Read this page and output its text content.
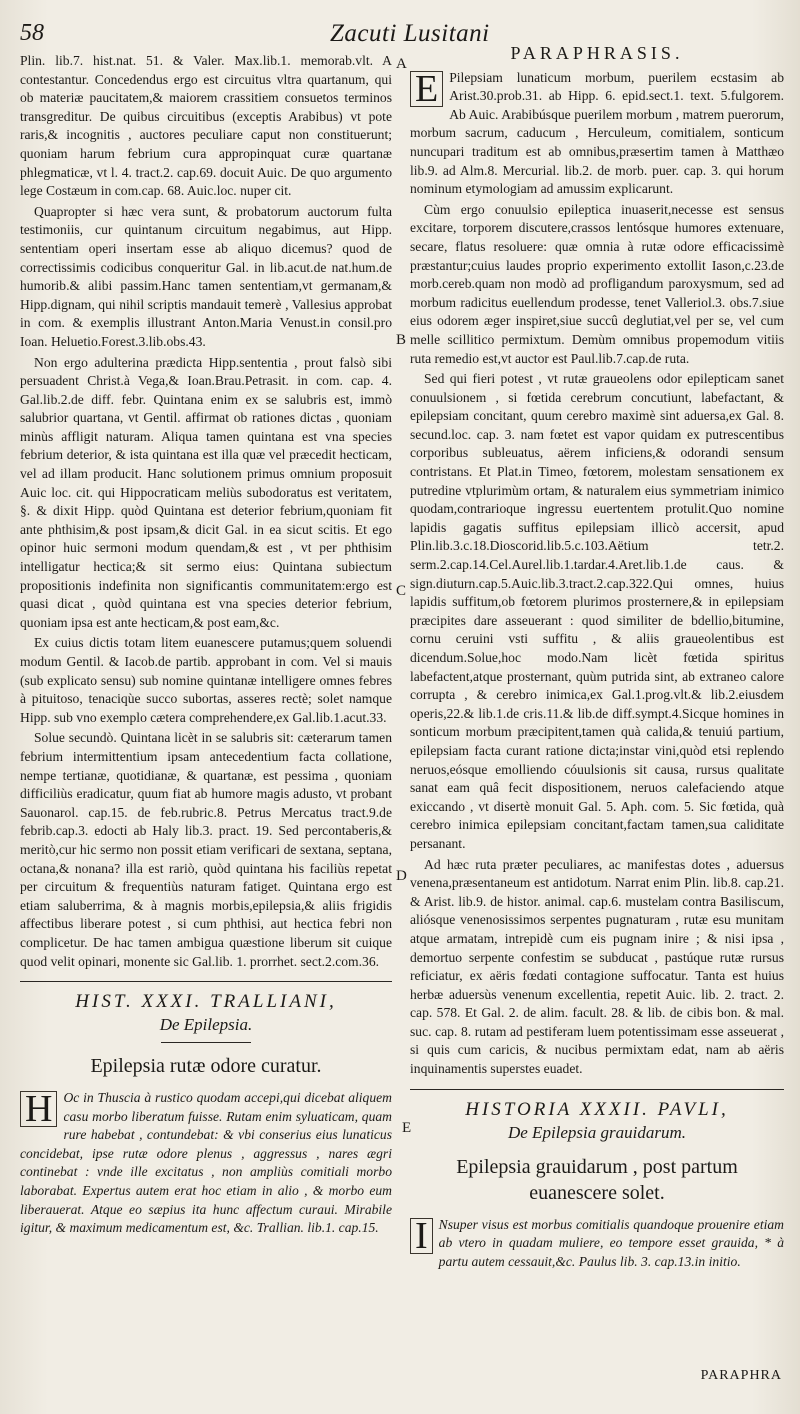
58	Zacuti Lusitani
A
B
C
D
E

Plin. lib.7. hist.nat. 51. & Valer. Max.lib.1. memorab.vlt. A contestantur. Concedendus ergo est circuitus vltra quartanum, qui ob materiæ paucitatem,& maiorem crassitiem consuetos terminos transgreditur. De quibus circuitibus (exceptis Arabibus) vt pote raris,& incognitis , auctores peculiare caput non constituerunt; quoniam harum febrium cura appropinquat curæ quartanæ phlegmaticæ, vt l. 4. tract.2. cap.69. docuit Auic. De quo argumento lege Costæum in com.cap. 68. Auic.loc. nuper cit.

Quapropter si hæc vera sunt, & probatorum auctorum fulta testimoniis, cur quintanum circuitum negabimus, aut Hipp. sententiam operi insertam esse ab aliquo dicemus? quod de correctissimis codicibus conqueritur Gal. in lib.acut.de nat.hum.de humorib.& alibi passim.Hanc tamen sententiam,vt germanam,& Hipp.dignam, qui nihil scriptis mandauit temerè , Vallesius approbat in com. & exemplis illustrant Anton.Maria Venust.in consil.pro Ioan. Heluetio.Forest.3.lib.obs.43.

Non ergo adulterina prædicta Hipp.sententia , prout falsò sibi persuadent Christ.à Vega,& Ioan.Brau.Petrasit. in com. cap. 4. Gal.lib.2.de diff. febr. Quintana enim ex se salubris est, immò salubrior quartana, vt Gentil. affirmat ob rationes dictas , quoniam minùs affligit naturam. Aliqua tamen quintana est vna species febrium deterior, & ista quintana est illa quæ vel præcedit hecticam, vel ad illam producit. Hanc solutionem primus omnium proposuit Auic loc. cit. qui Hippocraticam meliùs subodoratus est veritatem, §. & dixit Hipp. quòd Quintana est deterior febrium,quoniam fit ante phthisim,& post ipsam,& dicit Gal. in ea sicut scitis. Et ego opinor huic sermoni modum quendam,& est , vt per phthisim intelligatur hectica;& sit sermo eius: Quintana subiectum propositionis indefinita non significantis communitatem:ergo est quasi dicat , quòd quintana est vna species deterior febrium, quoniam ipsa est ante hecticam,& post eam,&c.

Ex cuius dictis totam litem euanescere putamus;quem soluendi modum Gentil. & Iacob.de partib. approbant in com. Vel si mauis (sub explicato sensu) sub nomine quintanæ intelligere omnes febres à pituitoso, tenaciqùe succo subortas, asseres rectè; solet namque Hipp. sub vno exemplo cætera comprehendere,ex Gal.lib.1.acut.33.

Solue secundò. Quintana licèt in se salubris sit: cæterarum tamen febrium intermittentium ipsam antecedentium facta collatione, nempe tertianæ, quotidianæ, & quartanæ, est pessima , quoniam difficiliùs eradicatur, quum fiat ab humore magis adusto, vt probant Sauonarol. cap.15. de feb.rubric.8. Petrus Mercatus tract.9.de febrib.cap.3. edocti ab Haly lib.3. pract. 19. Sed percontaberis,& meritò,cur hic sermo non possit etiam verificari de sextana, septana, octana,& nonana? illa est rariò, quòd quintana his faciliùs repetat per circuitum & frequentiùs naturam fatiget. Quintana ergo est etiam saluberrima, & à magnis morbis,epilepsia,& aliis frigidis affectibus liberare potest , si cum phthisi, aut hectica febri non complicetur. De hac tamen ambigua quæstione liberum sit cuique quod velit opinari, monente sic Gal.lib. 1. prorrhet. sect.2.com.36.

HIST. XXXI. TRALLIANI,
De Epilepsia.
Epilepsia rutæ odore curatur.

H Oc in Thuscia à rustico quodam accepi,qui dicebat aliquem casu morbo liberatum fuisse. Rutam enim syluaticam, quam rure habebat , contundebat: & vbi conserius eius lunaticus concidebat, ipse rutæ odore plenus , aggressus , nares ægri continebat : vnde ille excitatus , non ampliùs comitiali morbo laborabat. Expertus autem erat hoc etiam in alio , & morbo eum liberauerat. Atque eo sæpius ita hunc affectum curaui. Mirabile igitur, & maximum medicamentum est, &c. Trallian. lib.1. cap.15.

PARAPHRASIS.

E Pilepsiam lunaticum morbum, puerilem ecstasim ab Arist.30.prob.31. ab Hipp. 6. epid.sect.1. text. 5.fulgorem. Ab Auic. Arabibúsque puerilem morbum , matrem puerorum, morbum sacrum, caducum , Herculeum, comitialem, sonticum nuncupari traditum est ab omnibus,præsertim tamen à Matthæo lib.9. ad Alm.8. Mercurial. lib.2. de morb. puer. cap. 3. qui horum nominum etymologiam ad amussim explicarunt.

Cùm ergo conuulsio epileptica inuaserit,necesse est sensus excitare, torporem discutere,crassos lentósque humores extenuare, secare, flatus resoluere: quæ omnia à rutæ odore efficacissimè præstantur;cuius laudes proprio experimento extollit Iason,c.23.de morb.cereb.quam non modò ad profligandum paroxysmum, sed ad morbum radicitus euellendum prodesse, tenet Valleriol.3. obs.7.siue eius odorem æger inspiret,siue succû deglutiat,vel per se, vel cum melle scillitico permixtum. Demùm omnibus propemodum vitiis ruta remedio est,vt auctor est Paul.lib.7.cap.de ruta.

Sed qui fieri potest , vt rutæ graueolens odor epilepticam sanet conuulsionem , si fœtida cerebrum concutiunt, labefactant, & epilepsiam concitant, quum cerebro maximè sint aduersa,ex Gal. 8. secund.loc. cap. 3. nam fœtet est vapor quidam ex putrescentibus corporibus subleuatus, aërem inficiens,& odorandi sensum contristans. Et Plat.in Timeo, fœtorem, molestam sensationem ex putredine vtplurimùm ortam, & naturalem eius symmetriam inimico quodam,contrarioque ingressu euertentem protulit.Quo nomine lapidis gagatis suffitus epilepsiam illicò accersit, apud Plin.lib.3.c.18.Dioscorid.lib.5.c.103.Aëtium tetr.2. serm.2.cap.14.Cel.Aurel.lib.1.tardar.4.Aret.lib.1.de caus. & sign.diuturn.cap.5.Auic.lib.3.tract.2.cap.322.Qui omnes, huius lapidis suffitum,ob fœtorem plurimos prosternere,& in epilepsiam præcipites dare asseuerant : quod similiter de bdellio,bitumine, cornu ceruini vsti suffitu , & aliis graueolentibus est dicendum.Solue,hoc modo.Nam licèt fœtida spiritus labefactent,atque prosternant, quùm putrida sint, ab extraneo calore corrupta , & cerebro inimica,ex Gal.1.prog.vlt.& lib.2.eiusdem operis,22.& lib.1.de cris.11.& lib.de diff.sympt.4.Sicque homines in sonticum morbum præcipitent,tamen quà calida,& tenuiú partium, epilepsiam facta curant ratione dicta;instar vini,quòd etsi replendo neruos,eósque emolliendo cóuulsionis sit causa, rursus qualitate sanat eam quâ fecit dispositionem, neruos calefaciendo atque exiccando , vt disertè monuit Gal. 5. Aph. com. 5. Sic fœtida, quà cerebro inimica epilepsiam concitant,factam tamen,sua caliditate persanant.

Ad hæc ruta præter peculiares, ac manifestas dotes , aduersus venena,præsentaneum est antidotum. Narrat enim Plin. lib.8. cap.21. & Arist. lib.9. de histor. animal. cap.6. mustelam contra Basiliscum, aliósque venenosissimos serpentes pugnaturam , rutæ esu munitam atque armatam, intrepidè cum eis pugnam inire ; & nisi ipsa , demortuo serpente confestim se subducat , pastúque rutæ rursus reficiatur, ex aëris fœdati contagione suffocatur. Tanta est huius herbæ aduersùs venenum excellentia, repetit Auic. lib. 2. tract. 2. cap. 578. Et Gal. 2. de alim. facult. 28. & lib. de cibis bon. & mal. suc. cap. 8. rutam ad pestiferam luem potentissimam esse asseuerat , si quis cum caricis, & nucibus permixtam edat, nam ab aëris inquinamentis superstes euadet.

HISTORIA XXXII. PAVLI,
De Epilepsia grauidarum.
Epilepsia grauidarum , post partum euanescere solet.

I Nsuper visus est morbus comitialis quandoque prouenire etiam ab vtero in quadam muliere, eo tempore esset grauida, * à partu autem cessauit,&c. Paulus lib. 3. cap.13.in initio.

PARAPHRA
